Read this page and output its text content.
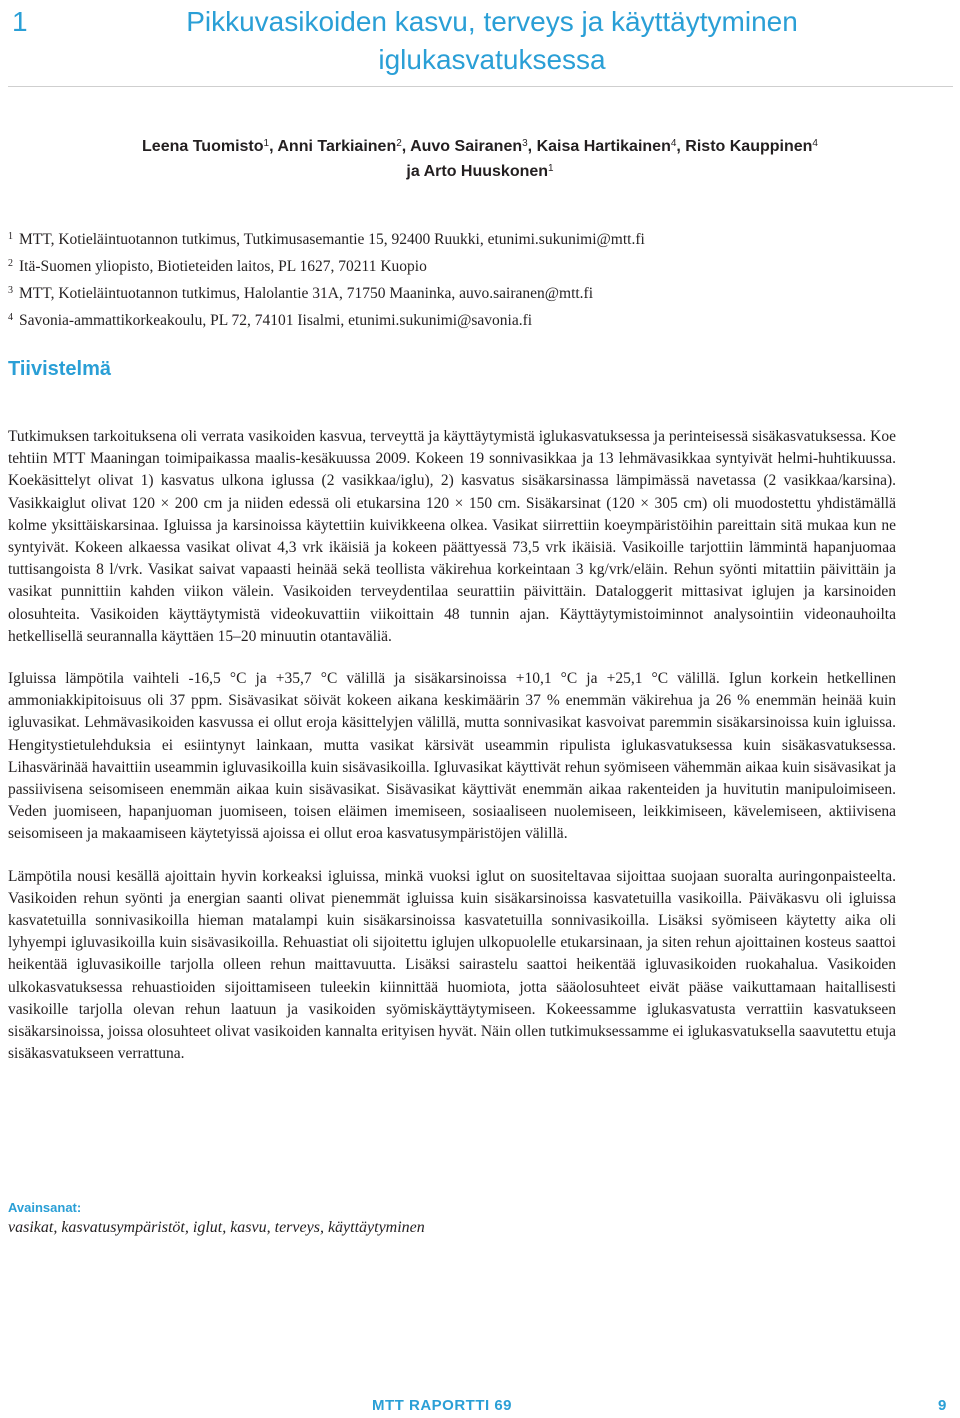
1	Pikkuvasikoiden kasvu, terveys ja käyttäytyminen
iglukasvatuksessa
Leena Tuomisto$^1$, Anni Tarkiainen$^2$, Auvo Sairanen$^3$, Kaisa Hartikainen$^4$, Risto Kauppinen$^4$
ja Arto Huuskonen$^1$
$^1$ MTT, Kotieläintuotannon tutkimus, Tutkimusasemantie 15, 92400 Ruukki, etunimi.sukunimi@mtt.fi
$^2$ Itä-Suomen yliopisto, Biotieteiden laitos, PL 1627, 70211 Kuopio
$^3$ MTT, Kotieläintuotannon tutkimus, Halolantie 31A, 71750 Maaninka, auvo.sairanen@mtt.fi
$^4$ Savonia-ammattikorkeakoulu, PL 72, 74101 Iisalmi, etunimi.sukunimi@savonia.fi
Tiivistelmä

Tutkimuksen tarkoituksena oli verrata vasikoiden kasvua, terveyttä ja käyttäytymistä iglukasvatuksessa ja perinteisessä sisäkasvatuksessa. Koe tehtiin MTT Maaningan toimipaikassa maalis-kesäkuussa 2009. Kokeen 19 sonnivasikkaa ja 13 lehmävasikkaa syntyivät helmi-huhtikuussa. Koekäsittelyt olivat 1) kasvatus ulkona iglussa (2 vasikkaa/iglu), 2) kasvatus sisäkarsinassa lämpimässä navetassa (2 vasikkaa/karsina). Vasikkaiglut olivat 120 × 200 cm ja niiden edessä oli etukarsina 120 × 150 cm. Sisäkarsinat (120 × 305 cm) oli muodostettu yhdistämällä kolme yksittäiskarsinaa. Igluissa ja karsinoissa käytettiin kuivikkeena olkea. Vasikat siirrettiin koeympäristöihin pareittain sitä mukaa kun ne syntyivät. Kokeen alkaessa vasikat olivat 4,3 vrk ikäisiä ja kokeen päättyessä 73,5 vrk ikäisiä. Vasikoille tarjottiin lämmintä hapanjuomaa tuttisangoista 8 l/vrk. Vasikat saivat vapaasti heinää sekä teollista väkirehua korkeintaan 3 kg/vrk/eläin. Rehun syönti mitattiin päivittäin ja vasikat punnittiin kahden viikon välein. Vasikoiden terveydentilaa seurattiin päivittäin. Dataloggerit mittasivat iglujen ja karsinoiden olosuhteita. Vasikoiden käyttäytymistä videokuvattiin viikoittain 48 tunnin ajan. Käyttäytymistoiminnot analysointiin videonauhoilta hetkellisellä seurannalla käyttäen 15–20 minuutin otantaväliä.

Igluissa lämpötila vaihteli -16,5 °C ja +35,7 °C välillä ja sisäkarsinoissa +10,1 °C ja +25,1 °C välillä. Iglun korkein hetkellinen ammoniakkipitoisuus oli 37 ppm. Sisävasikat söivät kokeen aikana keskimäärin 37 % enemmän väkirehua ja 26 % enemmän heinää kuin igluvasikat. Lehmävasikoiden kasvussa ei ollut eroja käsittelyjen välillä, mutta sonnivasikat kasvoivat paremmin sisäkarsinoissa kuin igluissa. Hengitystietulehduksia ei esiintynyt lainkaan, mutta vasikat kärsivät useammin ripulista iglukasvatuksessa kuin sisäkasvatuksessa. Lihasvärinää havaittiin useammin igluvasikoilla kuin sisävasikoilla. Igluvasikat käyttivät rehun syömiseen vähemmän aikaa kuin sisävasikat ja passiivisena seisomiseen enemmän aikaa kuin sisävasikat. Sisävasikat käyttivät enemmän aikaa rakenteiden ja huvitutin manipuloimiseen. Veden juomiseen, hapanjuoman juomiseen, toisen eläimen imemiseen, sosiaaliseen nuolemiseen, leikkimiseen, kävelemiseen, aktiivisena seisomiseen ja makaamiseen käytetyissä ajoissa ei ollut eroa kasvatusympäristöjen välillä.

Lämpötila nousi kesällä ajoittain hyvin korkeaksi igluissa, minkä vuoksi iglut on suositeltavaa sijoittaa suojaan suoralta auringonpaisteelta. Vasikoiden rehun syönti ja energian saanti olivat pienemmät igluissa kuin sisäkarsinoissa kasvatetuilla vasikoilla. Päiväkasvu oli igluissa kasvatetuilla sonnivasikoilla hieman matalampi kuin sisäkarsinoissa kasvatetuilla sonnivasikoilla. Lisäksi syömiseen käytetty aika oli lyhyempi igluvasikoilla kuin sisävasikoilla. Rehuastiat oli sijoitettu iglujen ulkopuolelle etukarsinaan, ja siten rehun ajoittainen kosteus saattoi heikentää igluvasikoille tarjolla olleen rehun maittavuutta. Lisäksi sairastelu saattoi heikentää igluvasikoiden ruokahalua. Vasikoiden ulkokasvatuksessa rehuastioiden sijoittamiseen tuleekin kiinnittää huomiota, jotta sääolosuhteet eivät pääse vaikuttamaan haitallisesti vasikoille tarjolla olevan rehun laatuun ja vasikoiden syömiskäyttäytymiseen. Kokeessamme iglukasvatusta verrattiin kasvatukseen sisäkarsinoissa, joissa olosuhteet olivat vasikoiden kannalta erityisen hyvät. Näin ollen tutkimuksessamme ei iglukasvatuksella saavutettu etuja sisäkasvatukseen verrattuna.

Avainsanat:
vasikat, kasvatusympäristöt, iglut, kasvu, terveys, käyttäytyminen
MTT RAPORTTI 69	9
